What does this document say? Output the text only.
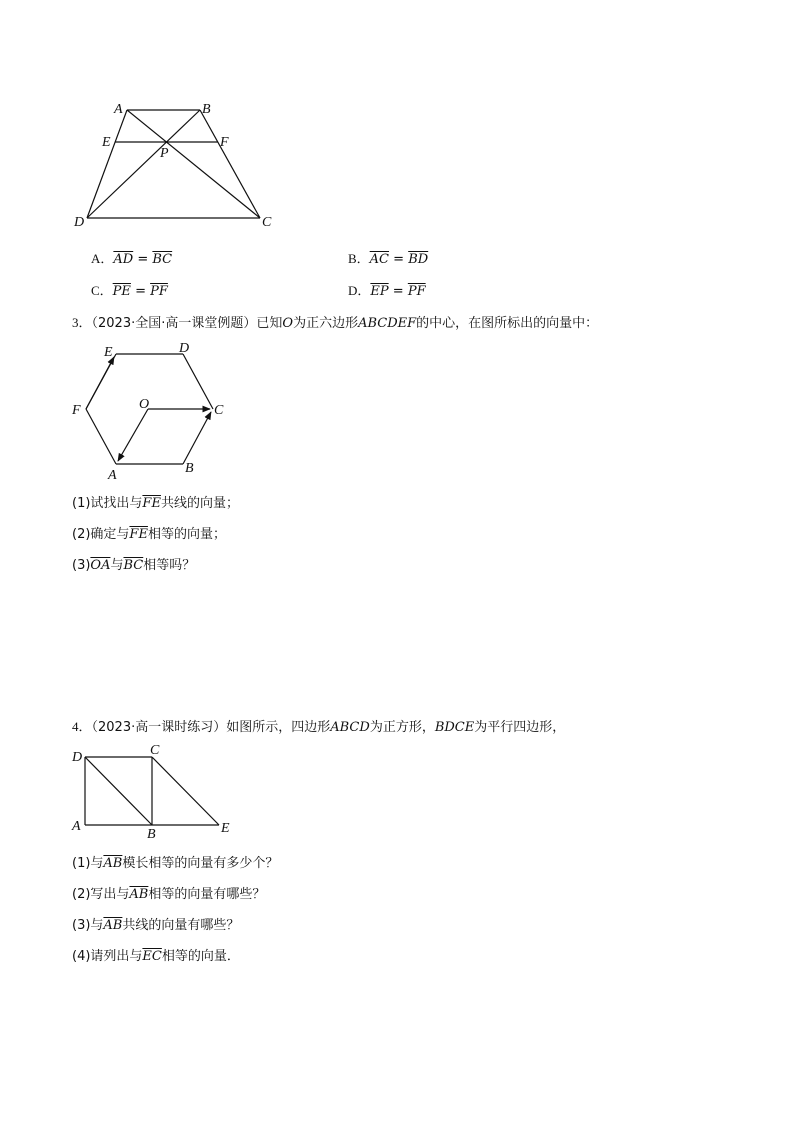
A	B
E	F
P
D	C
A．$\overline{AD} = \overline{BC}$	B．$\overline{AC} = \overline{BD}$
C．$\overline{PE} = \overline{PF}$	D．$\overline{EP} = \overline{PF}$
3．（2023·全国·高一课堂例题）已知O为正六边形ABCDEF的中心，在图所标出的向量中：
E	D
F	O	C
A	B
(1)试找出与$\overline{FE}$共线的向量；
(2)确定与$\overline{FE}$相等的向量；
$(3)\overline{OA}$与$\overline{BC}$相等吗？
4．（2023·高一课时练习）如图所示，四边形ABCD为正方形，BDCE为平行四边形，
D	C
A
B	E
(1)与$\overline{AB}$模长相等的向量有多少个？
(2)写出与$\overline{AB}$相等的向量有哪些？
(3)与$\overline{AB}$共线的向量有哪些？
(4)请列出与$\overline{EC}$相等的向量．
